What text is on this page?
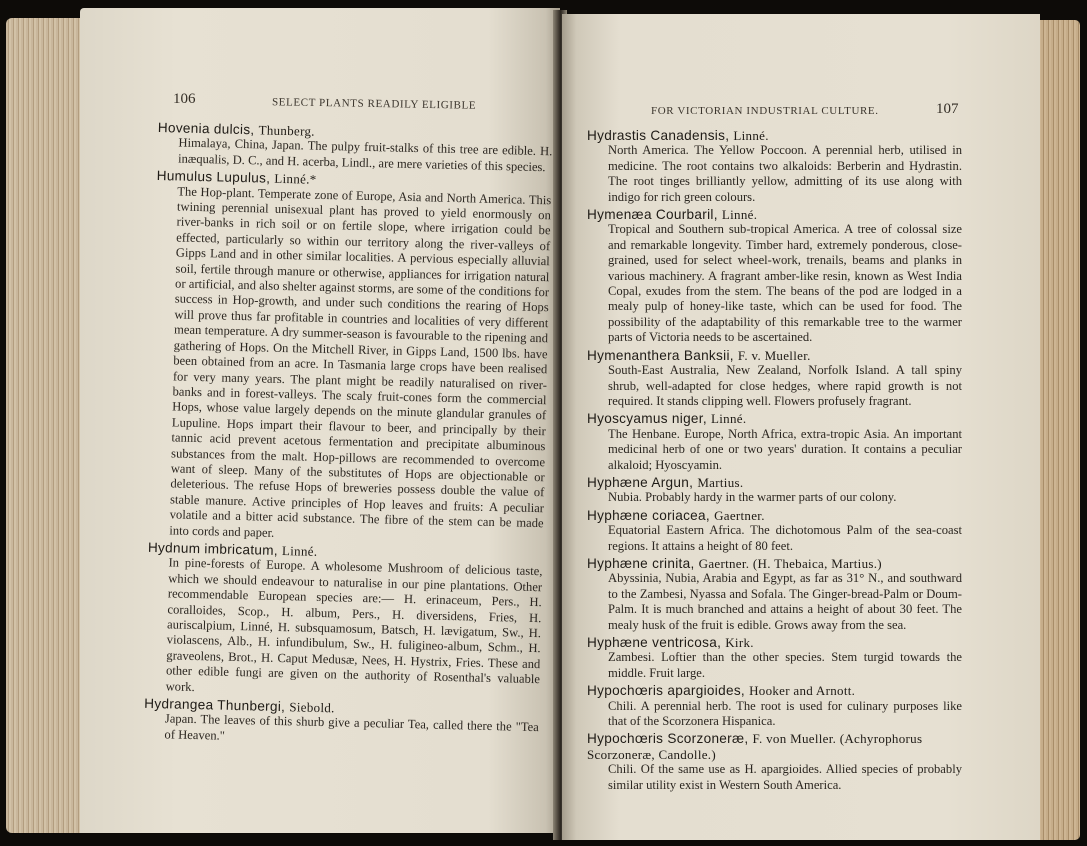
106	SELECT PLANTS READILY ELIGIBLE
Hovenia dulcis, Thunberg.
Himalaya, China, Japan. The pulpy fruit-stalks of this tree are edible. H. inæqualis, D. C., and H. acerba, Lindl., are mere varieties of this species.
Humulus Lupulus, Linné.*
The Hop-plant. Temperate zone of Europe, Asia and North America. This twining perennial unisexual plant has proved to yield enormously on river-banks in rich soil or on fertile slope, where irrigation could be effected, particularly so within our territory along the river-valleys of Gipps Land and in other similar localities. A pervious especially alluvial soil, fertile through manure or otherwise, appliances for irrigation natural or artificial, and also shelter against storms, are some of the conditions for success in Hop-growth, and under such conditions the rearing of Hops will prove thus far profitable in countries and localities of very different mean temperature. A dry summer-season is favourable to the ripening and gathering of Hops. On the Mitchell River, in Gipps Land, 1500 lbs. have been obtained from an acre. In Tasmania large crops have been realised for very many years. The plant might be readily naturalised on river-banks and in forest-valleys. The scaly fruit-cones form the commercial Hops, whose value largely depends on the minute glandular granules of Lupuline. Hops impart their flavour to beer, and principally by their tannic acid prevent acetous fermentation and precipitate albuminous substances from the malt. Hop-pillows are recommended to overcome want of sleep. Many of the substitutes of Hops are objectionable or deleterious. The refuse Hops of breweries possess double the value of stable manure. Active principles of Hop leaves and fruits: A peculiar volatile and a bitter acid substance. The fibre of the stem can be made into cords and paper.
Hydnum imbricatum, Linné.
In pine-forests of Europe. A wholesome Mushroom of delicious taste, which we should endeavour to naturalise in our pine plantations. Other recommendable European species are:— H. erinaceum, Pers., H. coralloides, Scop., H. album, Pers., H. diversidens, Fries, H. auriscalpium, Linné, H. subsquamosum, Batsch, H. lævigatum, Sw., H. violascens, Alb., H. infundibulum, Sw., H. fuligineo-album, Schm., H. graveolens, Brot., H. Caput Medusæ, Nees, H. Hystrix, Fries. These and other edible fungi are given on the authority of Rosenthal's valuable work.
Hydrangea Thunbergi, Siebold.
Japan. The leaves of this shurb give a peculiar Tea, called there the "Tea of Heaven."
FOR VICTORIAN INDUSTRIAL CULTURE.	107
Hydrastis Canadensis, Linné.
North America. The Yellow Poccoon. A perennial herb, utilised in medicine. The root contains two alkaloids: Berberin and Hydrastin. The root tinges brilliantly yellow, admitting of its use along with indigo for rich green colours.
Hymenæa Courbaril, Linné.
Tropical and Southern sub-tropical America. A tree of colossal size and remarkable longevity. Timber hard, extremely ponderous, close-grained, used for select wheel-work, trenails, beams and planks in various machinery. A fragrant amber-like resin, known as West India Copal, exudes from the stem. The beans of the pod are lodged in a mealy pulp of honey-like taste, which can be used for food. The possibility of the adaptability of this remarkable tree to the warmer parts of Victoria needs to be ascertained.
Hymenanthera Banksii, F. v. Mueller.
South-East Australia, New Zealand, Norfolk Island. A tall spiny shrub, well-adapted for close hedges, where rapid growth is not required. It stands clipping well. Flowers profusely fragrant.
Hyoscyamus niger, Linné.
The Henbane. Europe, North Africa, extra-tropic Asia. An important medicinal herb of one or two years' duration. It contains a peculiar alkaloid; Hyoscyamin.
Hyphæne Argun, Martius.
Nubia. Probably hardy in the warmer parts of our colony.
Hyphæne coriacea, Gaertner.
Equatorial Eastern Africa. The dichotomous Palm of the sea-coast regions. It attains a height of 80 feet.
Hyphæne crinita, Gaertner. (H. Thebaica, Martius.)
Abyssinia, Nubia, Arabia and Egypt, as far as 31° N., and southward to the Zambesi, Nyassa and Sofala. The Ginger-bread-Palm or Doum-Palm. It is much branched and attains a height of about 30 feet. The mealy husk of the fruit is edible. Grows away from the sea.
Hyphæne ventricosa, Kirk.
Zambesi. Loftier than the other species. Stem turgid towards the middle. Fruit large.
Hypochœris apargioides, Hooker and Arnott.
Chili. A perennial herb. The root is used for culinary purposes like that of the Scorzonera Hispanica.
Hypochœris Scorzoneræ, F. von Mueller. (Achyrophorus Scorzoneræ, Candolle.)
Chili. Of the same use as H. apargioides. Allied species of probably similar utility exist in Western South America.
